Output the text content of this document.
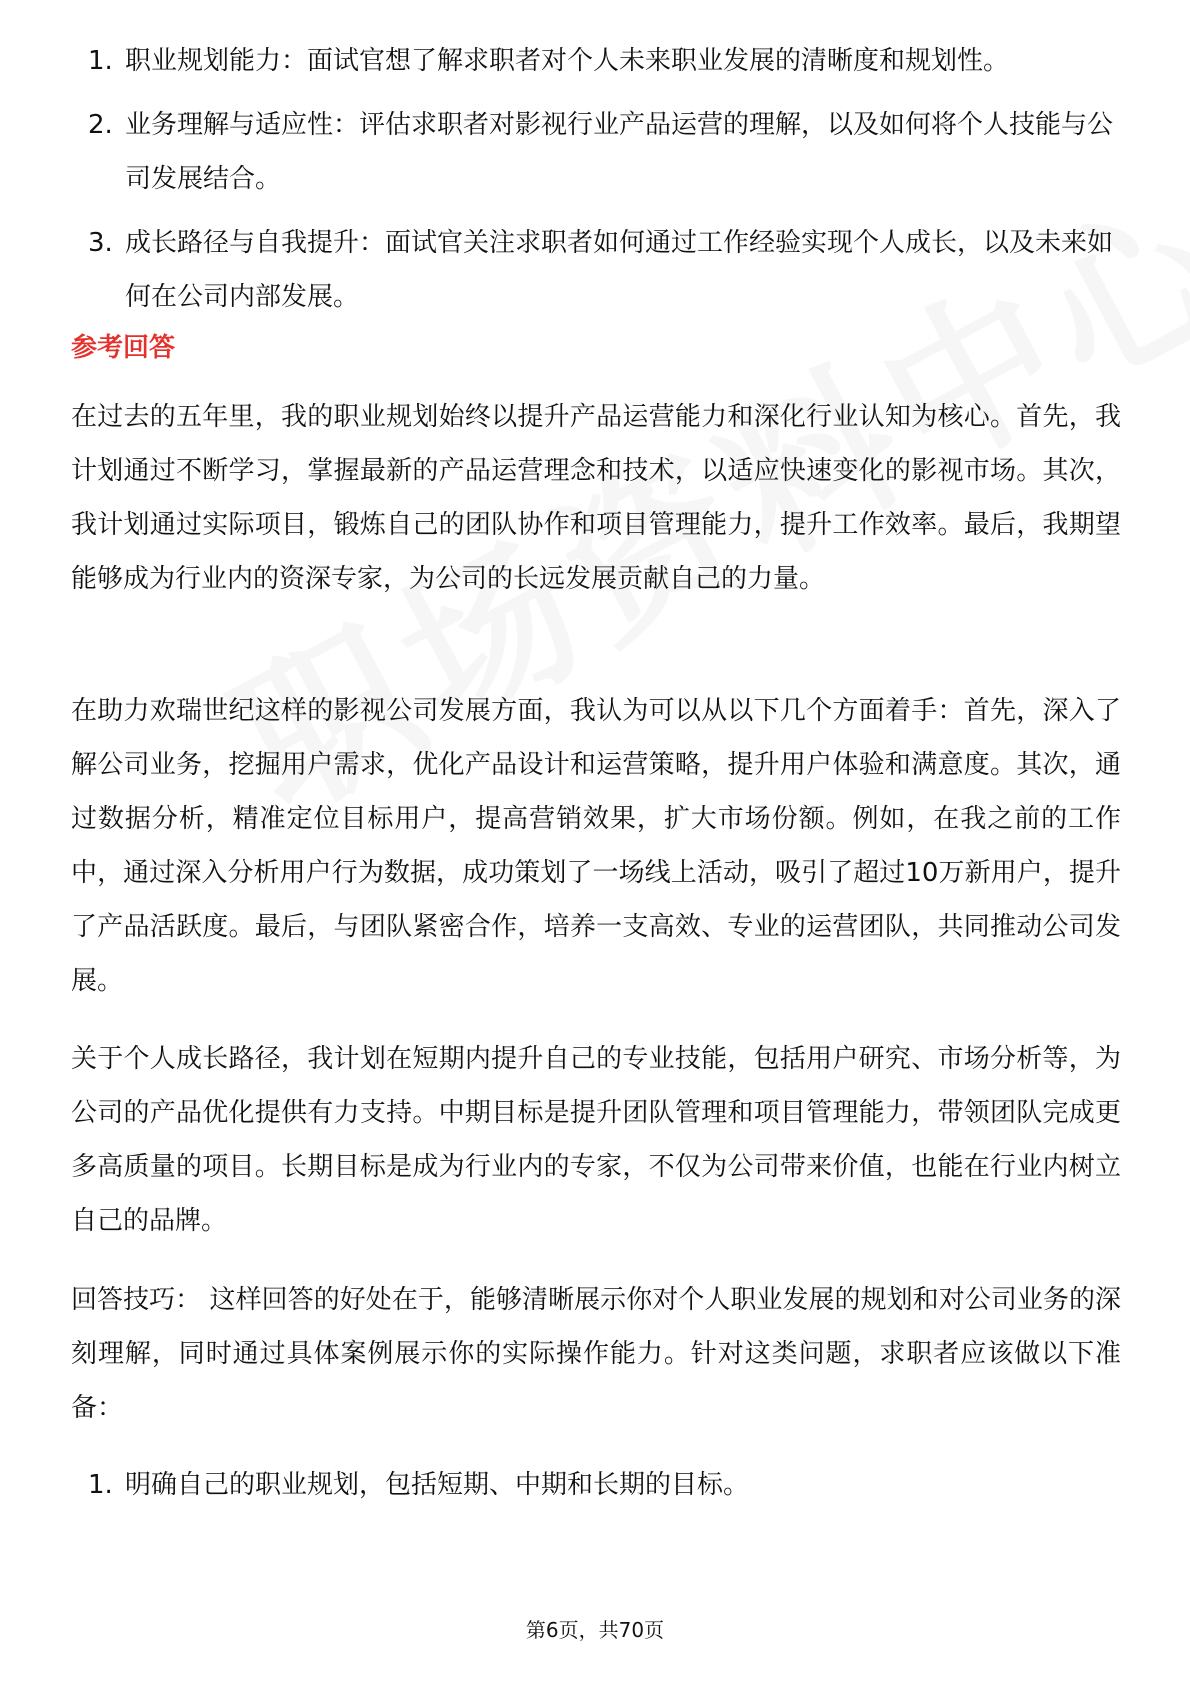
1. 职业规划能力：面试官想了解求职者对个人未来职业发展的清晰度和规划性。
2. 业务理解与适应性：评估求职者对影视行业产品运营的理解，以及如何将个人技能与公司发展结合。
3. 成长路径与自我提升：面试官关注求职者如何通过工作经验实现个人成长，以及未来如何在公司内部发展。
参考回答

在过去的五年里，我的职业规划始终以提升产品运营能力和深化行业认知为核心。首先，我计划通过不断学习，掌握最新的产品运营理念和技术，以适应快速变化的影视市场。其次，我计划通过实际项目，锻炼自己的团队协作和项目管理能力，提升工作效率。最后，我期望能够成为行业内的资深专家，为公司的长远发展贡献自己的力量。

在助力欢瑞世纪这样的影视公司发展方面，我认为可以从以下几个方面着手：首先，深入了解公司业务，挖掘用户需求，优化产品设计和运营策略，提升用户体验和满意度。其次，通过数据分析，精准定位目标用户，提高营销效果，扩大市场份额。例如，在我之前的工作中，通过深入分析用户行为数据，成功策划了一场线上活动，吸引了超过10万新用户，提升了产品活跃度。最后，与团队紧密合作，培养一支高效、专业的运营团队，共同推动公司发展。

关于个人成长路径，我计划在短期内提升自己的专业技能，包括用户研究、市场分析等，为公司的产品优化提供有力支持。中期目标是提升团队管理和项目管理能力，带领团队完成更多高质量的项目。长期目标是成为行业内的专家，不仅为公司带来价值，也能在行业内树立自己的品牌。

回答技巧： 这样回答的好处在于，能够清晰展示你对个人职业发展的规划和对公司业务的深刻理解，同时通过具体案例展示你的实际操作能力。针对这类问题，求职者应该做以下准备：

1. 明确自己的职业规划，包括短期、中期和长期的目标。
第6页，共70页
